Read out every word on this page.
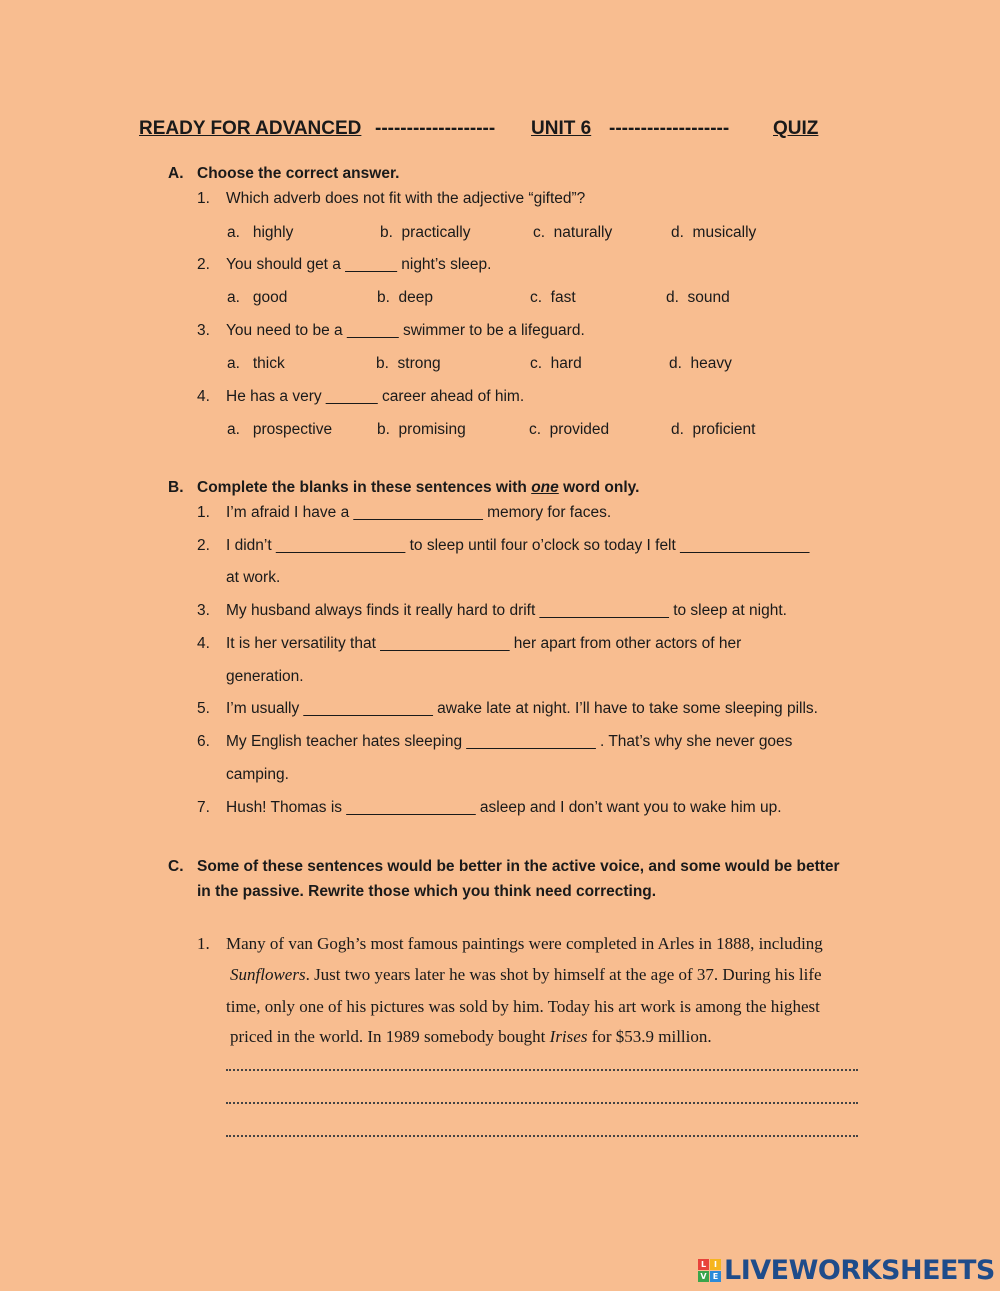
READY FOR ADVANCED ------------------- UNIT 6 ------------------- QUIZ
A. Choose the correct answer.
1. Which adverb does not fit with the adjective “gifted”?
a.   highly	b.  practically	c.  naturally	d.  musically
2. You should get a ______ night’s sleep.
a.   good	b.  deep	c.  fast	d.  sound
3. You need to be a ______ swimmer to be a lifeguard.
a.   thick	b.  strong	c.  hard	d.  heavy
4. He has a very ______ career ahead of him.
a.   prospective	b.  promising	c.  provided	d.  proficient
B. Complete the blanks in these sentences with one word only.
1. I’m afraid I have a _______________ memory for faces.
2. I didn’t _______________ to sleep until four o’clock so today I felt _______________
at work.
3. My husband always finds it really hard to drift _______________ to sleep at night.
4. It is her versatility that _______________ her apart from other actors of her
generation.
5. I’m usually _______________ awake late at night. I’ll have to take some sleeping pills.
6. My English teacher hates sleeping _______________ . That’s why she never goes
camping.
7. Hush! Thomas is _______________ asleep and I don’t want you to wake him up.
C. Some of these sentences would be better in the active voice, and some would be better
in the passive. Rewrite those which you think need correcting.
1. Many of van Gogh’s most famous paintings were completed in Arles in 1888, including
Sunflowers. Just two years later he was shot by himself at the age of 37. During his life
time, only one of his pictures was sold by him. Today his art work is among the highest
priced in the world. In 1989 somebody bought Irises for $53.9 million.
L I
V E LIVEWORKSHEETS
